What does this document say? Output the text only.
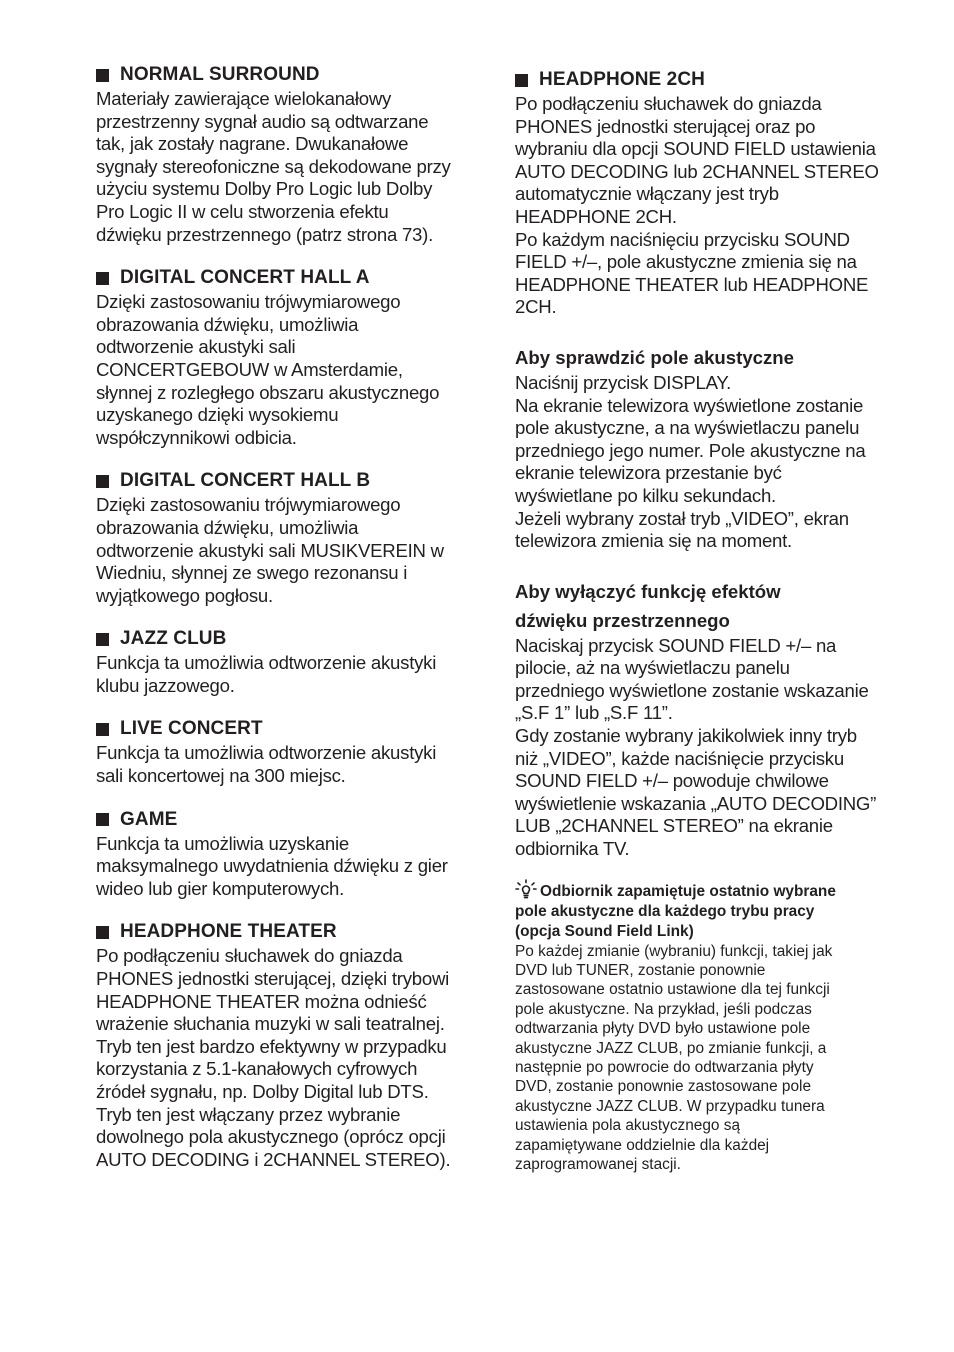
NORMAL SURROUND

Materiały zawierające wielokanałowy
przestrzenny sygnał audio są odtwarzane
tak, jak zostały nagrane. Dwukanałowe
sygnały stereofoniczne są dekodowane przy
użyciu systemu Dolby Pro Logic lub Dolby
Pro Logic II w celu stworzenia efektu
dźwięku przestrzennego (patrz strona 73).

DIGITAL CONCERT HALL A

Dzięki zastosowaniu trójwymiarowego
obrazowania dźwięku, umożliwia
odtworzenie akustyki sali
CONCERTGEBOUW w Amsterdamie,
słynnej z rozległego obszaru akustycznego
uzyskanego dzięki wysokiemu
współczynnikowi odbicia.

DIGITAL CONCERT HALL B

Dzięki zastosowaniu trójwymiarowego
obrazowania dźwięku, umożliwia
odtworzenie akustyki sali MUSIKVEREIN w
Wiedniu, słynnej ze swego rezonansu i
wyjątkowego pogłosu.

JAZZ CLUB

Funkcja ta umożliwia odtworzenie akustyki
klubu jazzowego.

LIVE CONCERT

Funkcja ta umożliwia odtworzenie akustyki
sali koncertowej na 300 miejsc.

GAME

Funkcja ta umożliwia uzyskanie
maksymalnego uwydatnienia dźwięku z gier
wideo lub gier komputerowych.

HEADPHONE THEATER

Po podłączeniu słuchawek do gniazda
PHONES jednostki sterującej, dzięki trybowi
HEADPHONE THEATER można odnieść
wrażenie słuchania muzyki w sali teatralnej.
Tryb ten jest bardzo efektywny w przypadku
korzystania z 5.1-kanałowych cyfrowych
źródeł sygnału, np. Dolby Digital lub DTS.
Tryb ten jest włączany przez wybranie
dowolnego pola akustycznego (oprócz opcji
AUTO DECODING i 2CHANNEL STEREO).

HEADPHONE 2CH

Po podłączeniu słuchawek do gniazda
PHONES jednostki sterującej oraz po
wybraniu dla opcji SOUND FIELD ustawienia
AUTO DECODING lub 2CHANNEL STEREO
automatycznie włączany jest tryb
HEADPHONE 2CH.
Po każdym naciśnięciu przycisku SOUND
FIELD +/–, pole akustyczne zmienia się na
HEADPHONE THEATER lub HEADPHONE
2CH.

Aby sprawdzić pole akustyczne

Naciśnij przycisk DISPLAY.
Na ekranie telewizora wyświetlone zostanie
pole akustyczne, a na wyświetlaczu panelu
przedniego jego numer. Pole akustyczne na
ekranie telewizora przestanie być
wyświetlane po kilku sekundach.
Jeżeli wybrany został tryb „VIDEO”, ekran
telewizora zmienia się na moment.

Aby wyłączyć funkcję efektów
dźwięku przestrzennego

Naciskaj przycisk SOUND FIELD +/– na
pilocie, aż na wyświetlaczu panelu
przedniego wyświetlone zostanie wskazanie
„S.F 1” lub „S.F 11”.
Gdy zostanie wybrany jakikolwiek inny tryb
niż „VIDEO”, każde naciśnięcie przycisku
SOUND FIELD +/– powoduje chwilowe
wyświetlenie wskazania „AUTO DECODING”
LUB „2CHANNEL STEREO” na ekranie
odbiornika TV.

Odbiornik zapamiętuje ostatnio wybrane
pole akustyczne dla każdego trybu pracy
(opcja Sound Field Link)

Po każdej zmianie (wybraniu) funkcji, takiej jak
DVD lub TUNER, zostanie ponownie
zastosowane ostatnio ustawione dla tej funkcji
pole akustyczne. Na przykład, jeśli podczas
odtwarzania płyty DVD było ustawione pole
akustyczne JAZZ CLUB, po zmianie funkcji, a
następnie po powrocie do odtwarzania płyty
DVD, zostanie ponownie zastosowane pole
akustyczne JAZZ CLUB. W przypadku tunera
ustawienia pola akustycznego są
zapamiętywane oddzielnie dla każdej
zaprogramowanej stacji.
